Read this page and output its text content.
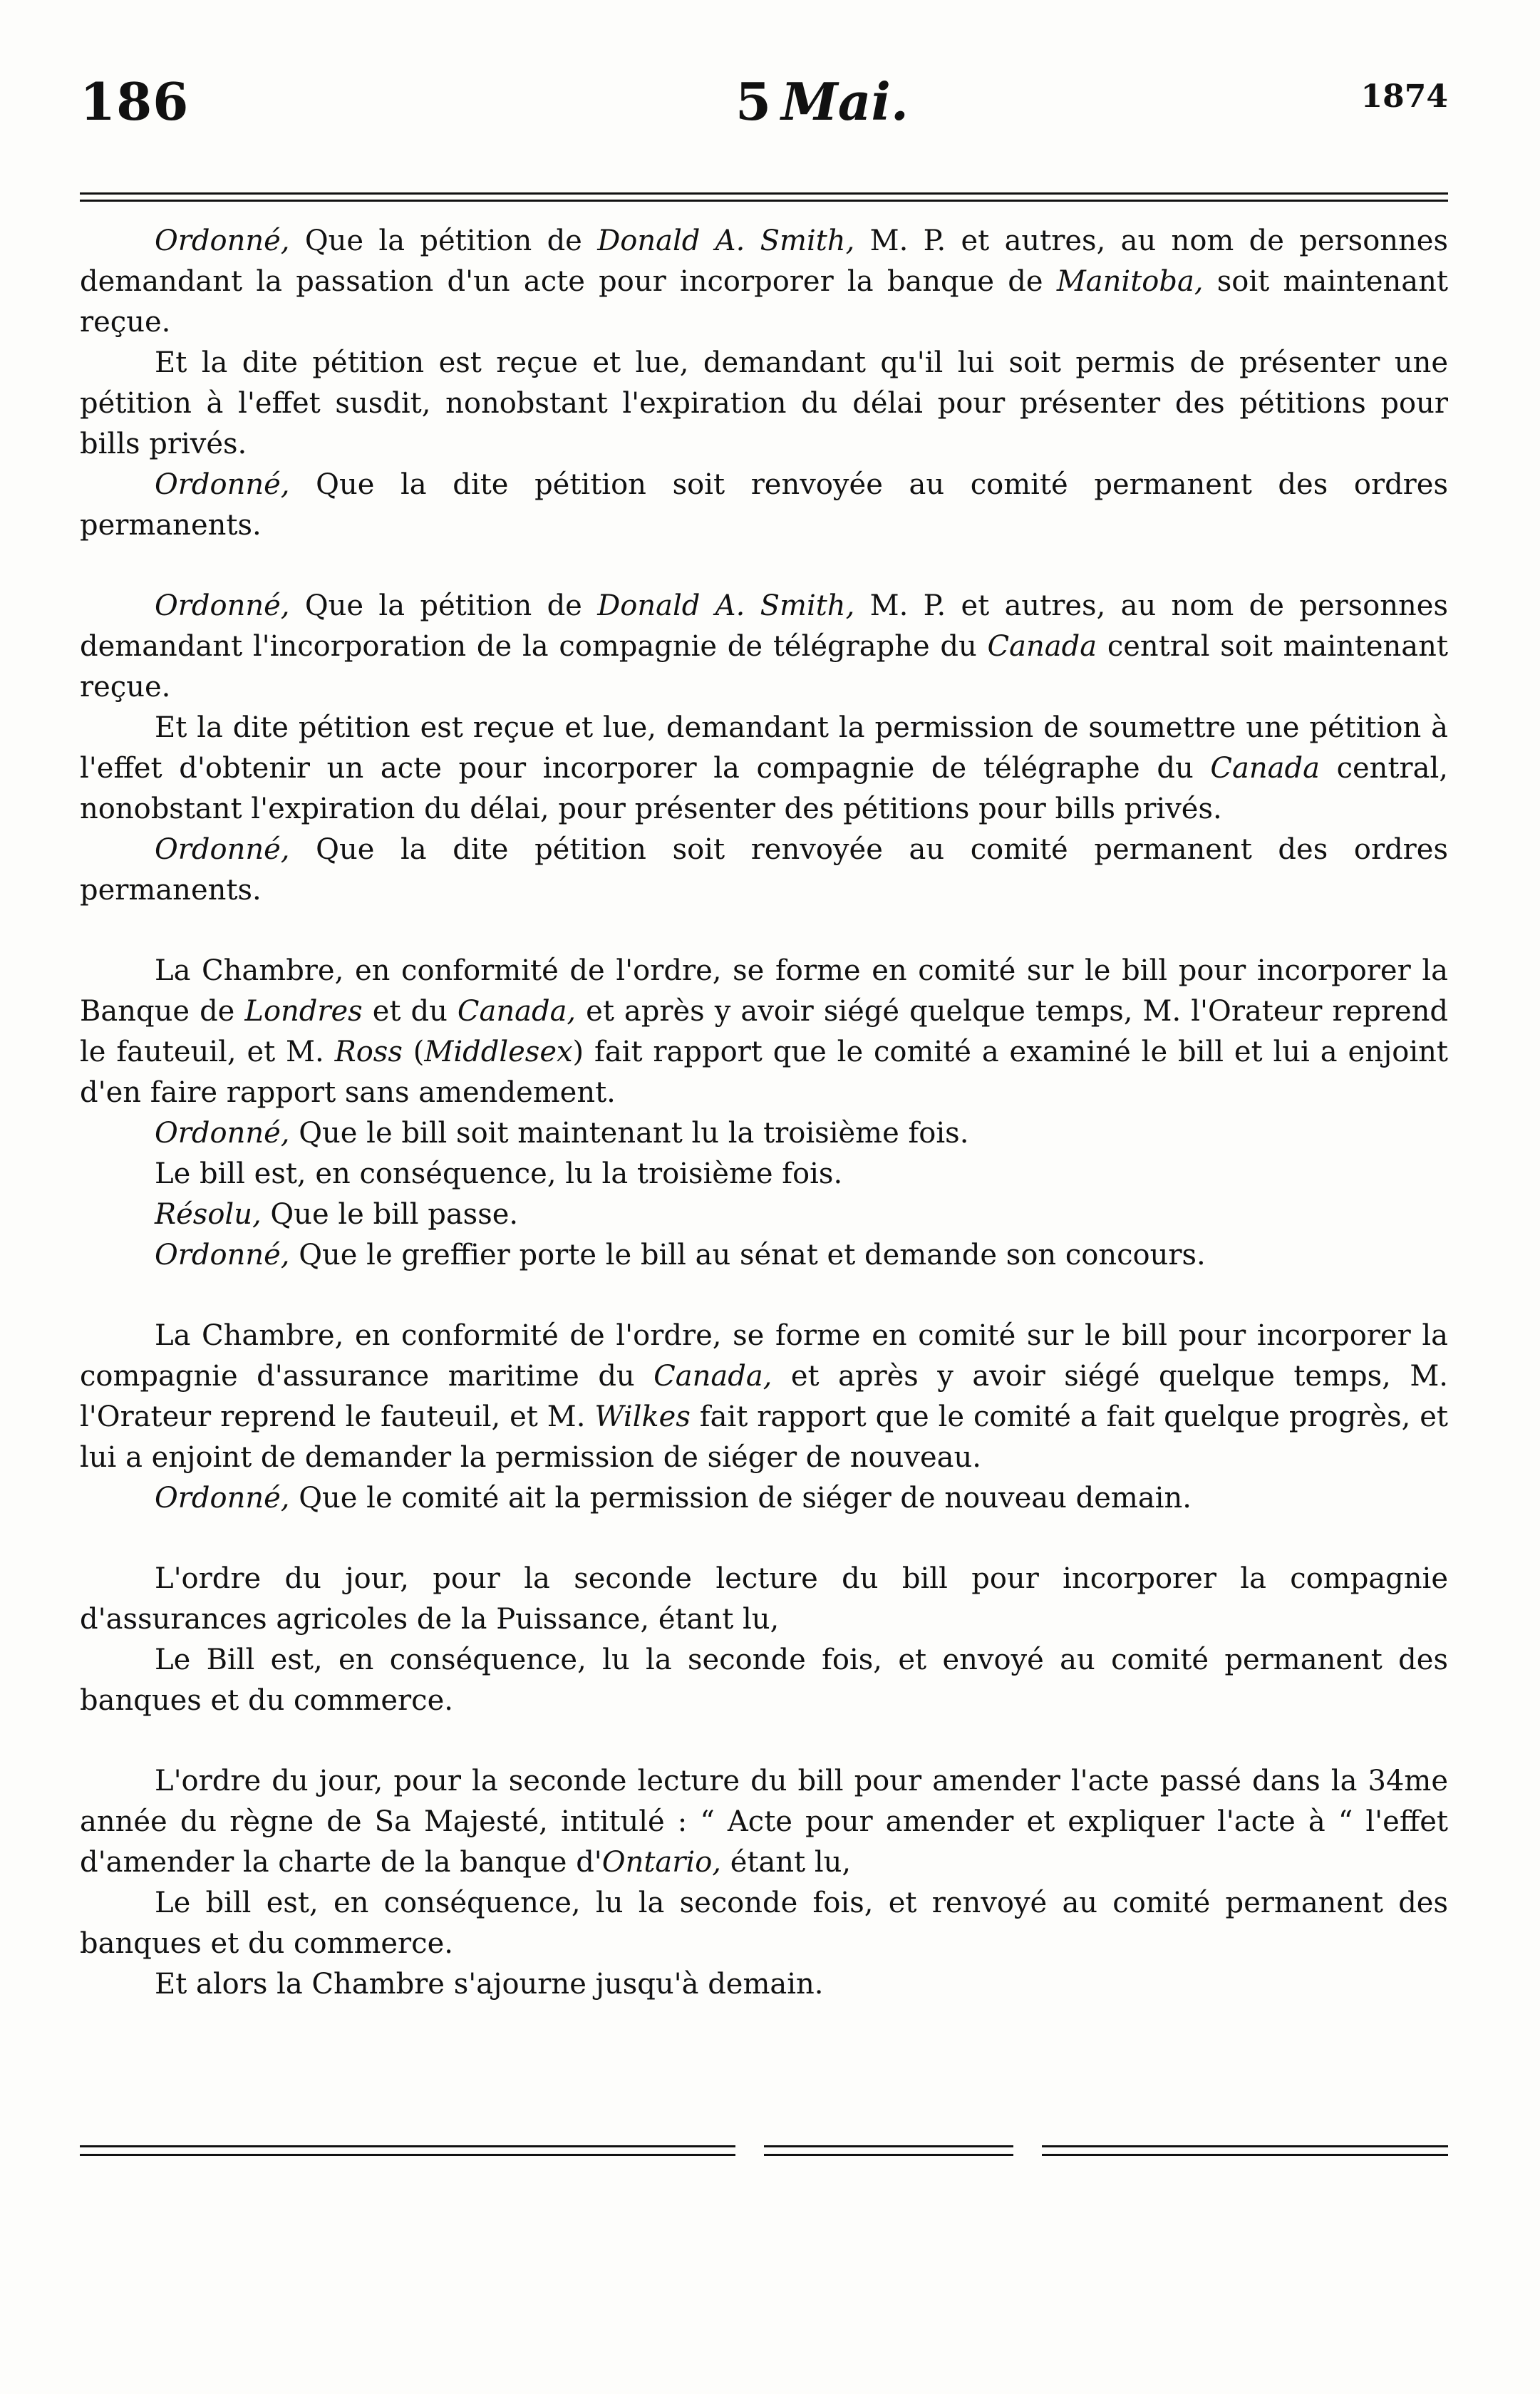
186	5 Mai.	1874

Ordonné, Que la pétition de Donald A. Smith, M. P. et autres, au nom de personnes demandant la passation d'un acte pour incorporer la banque de Manitoba, soit maintenant reçue.

Et la dite pétition est reçue et lue, demandant qu'il lui soit permis de présenter une pétition à l'effet susdit, nonobstant l'expiration du délai pour présenter des pétitions pour bills privés.

Ordonné, Que la dite pétition soit renvoyée au comité permanent des ordres permanents.

Ordonné, Que la pétition de Donald A. Smith, M. P. et autres, au nom de personnes demandant l'incorporation de la compagnie de télégraphe du Canada central soit maintenant reçue.

Et la dite pétition est reçue et lue, demandant la permission de soumettre une pétition à l'effet d'obtenir un acte pour incorporer la compagnie de télégraphe du Canada central, nonobstant l'expiration du délai, pour présenter des pétitions pour bills privés.

Ordonné, Que la dite pétition soit renvoyée au comité permanent des ordres permanents.

La Chambre, en conformité de l'ordre, se forme en comité sur le bill pour incorporer la Banque de Londres et du Canada, et après y avoir siégé quelque temps, M. l'Orateur reprend le fauteuil, et M. Ross (Middlesex) fait rapport que le comité a examiné le bill et lui a enjoint d'en faire rapport sans amendement.

Ordonné, Que le bill soit maintenant lu la troisième fois.

Le bill est, en conséquence, lu la troisième fois.

Résolu, Que le bill passe.

Ordonné, Que le greffier porte le bill au sénat et demande son concours.

La Chambre, en conformité de l'ordre, se forme en comité sur le bill pour incorporer la compagnie d'assurance maritime du Canada, et après y avoir siégé quelque temps, M. l'Orateur reprend le fauteuil, et M. Wilkes fait rapport que le comité a fait quelque progrès, et lui a enjoint de demander la permission de siéger de nouveau.

Ordonné, Que le comité ait la permission de siéger de nouveau demain.

L'ordre du jour, pour la seconde lecture du bill pour incorporer la compagnie d'assurances agricoles de la Puissance, étant lu,

Le Bill est, en conséquence, lu la seconde fois, et envoyé au comité permanent des banques et du commerce.

L'ordre du jour, pour la seconde lecture du bill pour amender l'acte passé dans la 34me année du règne de Sa Majesté, intitulé : “ Acte pour amender et expliquer l'acte à “ l'effet d'amender la charte de la banque d'Ontario, étant lu,

Le bill est, en conséquence, lu la seconde fois, et renvoyé au comité permanent des banques et du commerce.

Et alors la Chambre s'ajourne jusqu'à demain.
